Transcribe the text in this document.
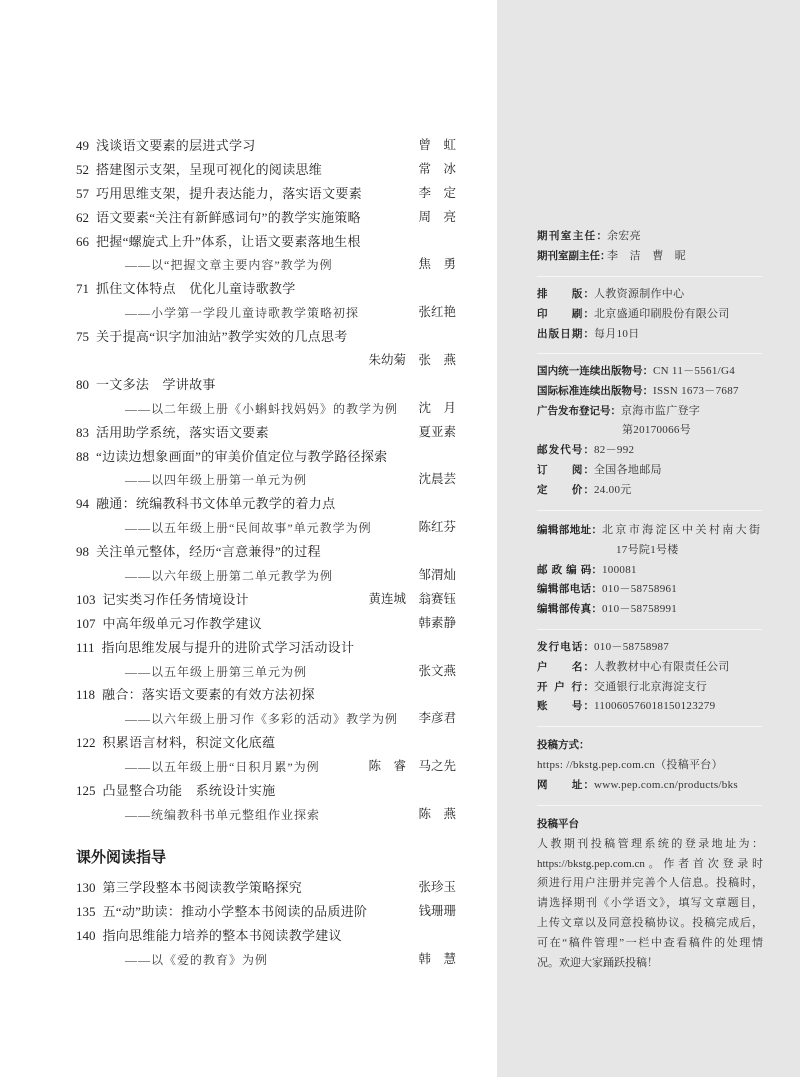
49 浅谈语文要素的层进式学习	曾　虹
52 搭建图示支架，呈现可视化的阅读思维	常　冰
57 巧用思维支架，提升表达能力，落实语文要素	李　定
62 语文要素“关注有新鲜感词句”的教学实施策略	周　亮
66 把握“螺旋式上升”体系，让语文要素落地生根
——以“把握文章主要内容”教学为例	焦　勇
71 抓住文体特点　优化儿童诗歌教学
——小学第一学段儿童诗歌教学策略初探	张红艳
75 关于提高“识字加油站”教学实效的几点思考
朱幼菊　张　燕
80 一文多法　学讲故事
——以二年级上册《小蝌蚪找妈妈》的教学为例 沈　月
83 活用助学系统，落实语文要素	夏亚素
88 “边读边想象画面”的审美价值定位与教学路径探索
——以四年级上册第一单元为例	沈晨芸
94 融通：统编教科书文体单元教学的着力点
——以五年级上册“民间故事”单元教学为例	陈红芬
98 关注单元整体，经历“言意兼得”的过程
——以六年级上册第二单元教学为例	邹渭灿
103 记实类习作任务情境设计	黄连城　翁赛钰
107 中高年级单元习作教学建议	韩素静
111 指向思维发展与提升的进阶式学习活动设计
——以五年级上册第三单元为例	张文燕
118 融合：落实语文要素的有效方法初探
——以六年级上册习作《多彩的活动》教学为例 李彦君
122 积累语言材料，积淀文化底蕴
——以五年级上册“日积月累”为例	陈　睿　马之先
125 凸显整合功能　系统设计实施
——统编教科书单元整组作业探索	陈　燕
课外阅读指导
130 第三学段整本书阅读教学策略探究	张珍玉
135 五“动”助读：推动小学整本书阅读的品质进阶	钱珊珊
140 指向思维能力培养的整本书阅读教学建议
——以《爱的教育》为例	韩　慧
期刊室主任：余宏亮
期刊室副主任：李　洁　曹　昵
排　　版：人教资源制作中心
印　　刷：北京盛通印刷股份有限公司
出版日期：每月10日
国内统一连续出版物号：CN 11－5561/G4
国际标准连续出版物号：ISSN 1673－7687
广告发布登记号：京海市监广登字
第20170066号
邮发代号：82－992
订　　阅：全国各地邮局
定　　价：24.00元
编辑部地址：北京市海淀区中关村南大街
17号院1号楼
邮 政 编 码：100081
编辑部电话：010－58758961
编辑部传真：010－58758991
发行电话：010－58758987
户　　名：人教教材中心有限责任公司
开 户 行：交通银行北京海淀支行
账　　号：110060576018150123279
投稿方式：
https: //bkstg.pep.com.cn（投稿平台）
网　　址：www.pep.com.cn/products/bks
投稿平台
人教期刊投稿管理系统的登录地址为：
https://bkstg.pep.com.cn。作者首次登录时
须进行用户注册并完善个人信息。投稿时，
请选择期刊《小学语文》，填写文章题目，
上传文章以及同意投稿协议。投稿完成后，
可在“稿件管理”一栏中查看稿件的处理情
况。欢迎大家踊跃投稿！
